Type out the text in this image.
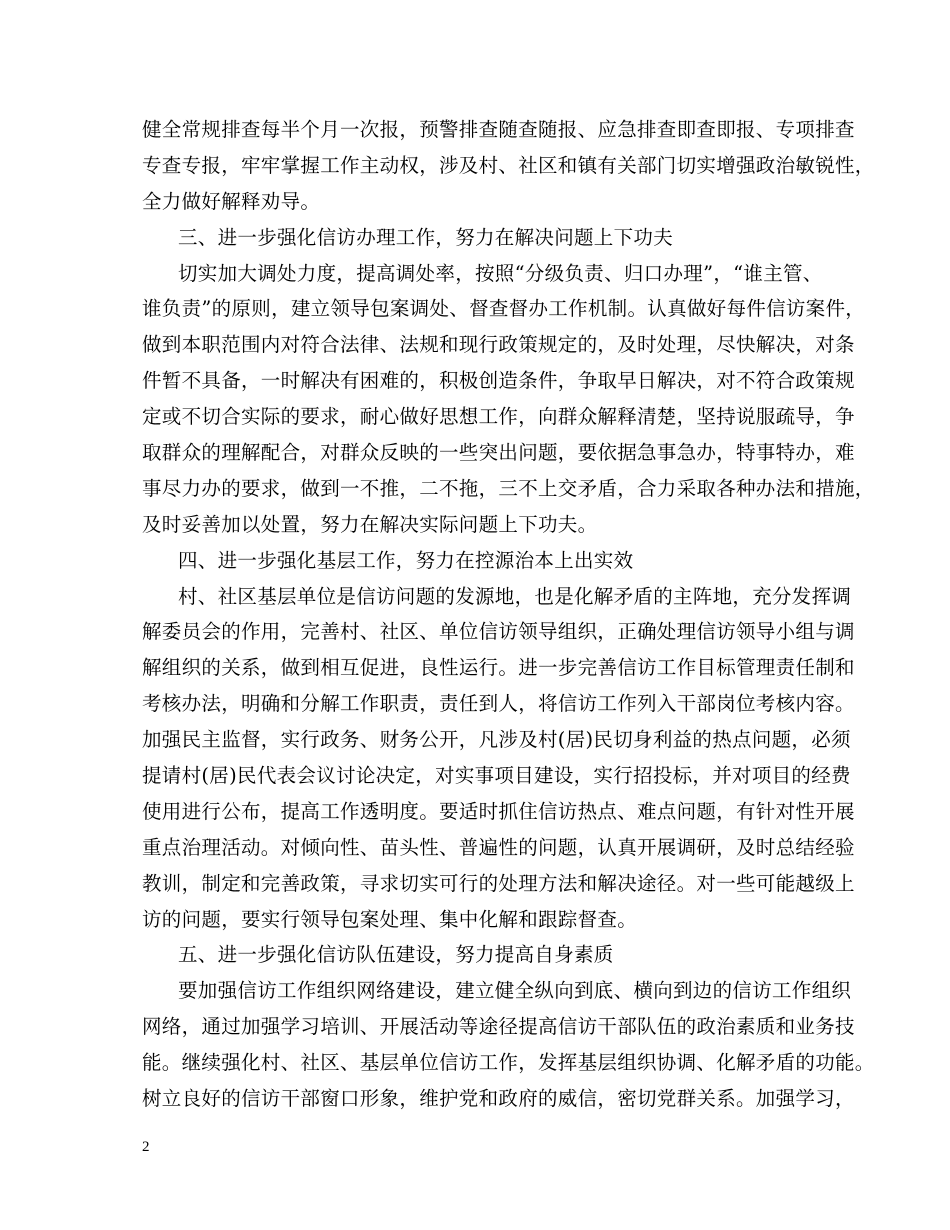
健全常规排查每半个月一次报，预警排查随查随报、应急排查即查即报、专项排查
专查专报，牢牢掌握工作主动权，涉及村、社区和镇有关部门切实增强政治敏锐性，
全力做好解释劝导。
三、进一步强化信访办理工作，努力在解决问题上下功夫
切实加大调处力度，提高调处率，按照“分级负责、归口办理”，“谁主管、
谁负责”的原则，建立领导包案调处、督查督办工作机制。认真做好每件信访案件，
做到本职范围内对符合法律、法规和现行政策规定的，及时处理，尽快解决，对条
件暂不具备，一时解决有困难的，积极创造条件，争取早日解决，对不符合政策规
定或不切合实际的要求，耐心做好思想工作，向群众解释清楚，坚持说服疏导，争
取群众的理解配合，对群众反映的一些突出问题，要依据急事急办，特事特办，难
事尽力办的要求，做到一不推，二不拖，三不上交矛盾，合力采取各种办法和措施，
及时妥善加以处置，努力在解决实际问题上下功夫。
四、进一步强化基层工作，努力在控源治本上出实效
村、社区基层单位是信访问题的发源地，也是化解矛盾的主阵地，充分发挥调
解委员会的作用，完善村、社区、单位信访领导组织，正确处理信访领导小组与调
解组织的关系，做到相互促进，良性运行。进一步完善信访工作目标管理责任制和
考核办法，明确和分解工作职责，责任到人，将信访工作列入干部岗位考核内容。
加强民主监督，实行政务、财务公开，凡涉及村(居)民切身利益的热点问题，必须
提请村(居)民代表会议讨论决定，对实事项目建设，实行招投标，并对项目的经费
使用进行公布，提高工作透明度。要适时抓住信访热点、难点问题，有针对性开展
重点治理活动。对倾向性、苗头性、普遍性的问题，认真开展调研，及时总结经验
教训，制定和完善政策，寻求切实可行的处理方法和解决途径。对一些可能越级上
访的问题，要实行领导包案处理、集中化解和跟踪督查。
五、进一步强化信访队伍建设，努力提高自身素质
要加强信访工作组织网络建设，建立健全纵向到底、横向到边的信访工作组织
网络，通过加强学习培训、开展活动等途径提高信访干部队伍的政治素质和业务技
能。继续强化村、社区、基层单位信访工作，发挥基层组织协调、化解矛盾的功能。
树立良好的信访干部窗口形象，维护党和政府的威信，密切党群关系。加强学习，
2
